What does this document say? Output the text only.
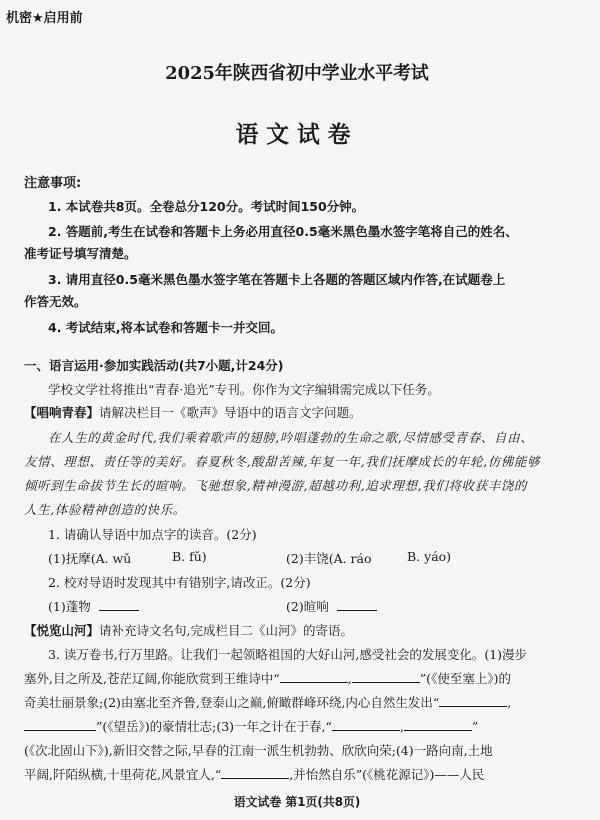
机密★启用前
2025年陕西省初中学业水平考试
语文试卷
注意事项:
1. 本试卷共8页。全卷总分120分。考试时间150分钟。
2. 答题前,考生在试卷和答题卡上务必用直径0.5毫米黑色墨水签字笔将自己的姓名、
准考证号填写清楚。
3. 请用直径0.5毫米黑色墨水签字笔在答题卡上各题的答题区域内作答,在试题卷上
作答无效。
4. 考试结束,将本试卷和答题卡一并交回。
一、语言运用·参加实践活动(共7小题,计24分)
学校文学社将推出“青春·追光”专刊。你作为文字编辑需完成以下任务。
【唱响青春】请解决栏目一《歌声》导语中的语言文字问题。
在人生的黄金时代,我们乘着歌声的翅膀,吟唱蓬勃的生命之歌,尽情感受青春、自由、
友情、理想、责任等的美好。春夏秋冬,酸甜苦辣,年复一年,我们抚摩成长的年轮,仿佛能够
倾听到生命拔节生长的暄响。飞驰想象,精神漫游,超越功利,追求理想,我们将收获丰饶的
人生,体验精神创造的快乐。
1. 请确认导语中加点字的读音。(2分)
(1)抚摩(A. wǔ	B. fǔ)	(2)丰饶(A. ráo	B. yáo)
2. 校对导语时发现其中有错别字,请改正。(2分)
(1)蓬物	(2)暄响
【悦览山河】请补充诗文名句,完成栏目二《山河》的寄语。
3. 读万卷书,行万里路。让我们一起领略祖国的大好山河,感受社会的发展变化。(1)漫步
塞外,目之所及,苍茫辽阔,你能欣赏到王维诗中“	,	”(《使至塞上》)的
奇美壮丽景象;(2)由塞北至齐鲁,登泰山之巅,俯瞰群峰环绕,内心自然生发出“	,
”(《望岳》)的豪情壮志;(3)一年之计在于春,“	,	”
(《次北固山下》),新旧交替之际,早春的江南一派生机勃勃、欣欣向荣;(4)一路向南,土地
平阔,阡陌纵横,十里荷花,风景宜人,“	,并怡然自乐”(《桃花源记》)——人民
语文试卷 第1页(共8页)
